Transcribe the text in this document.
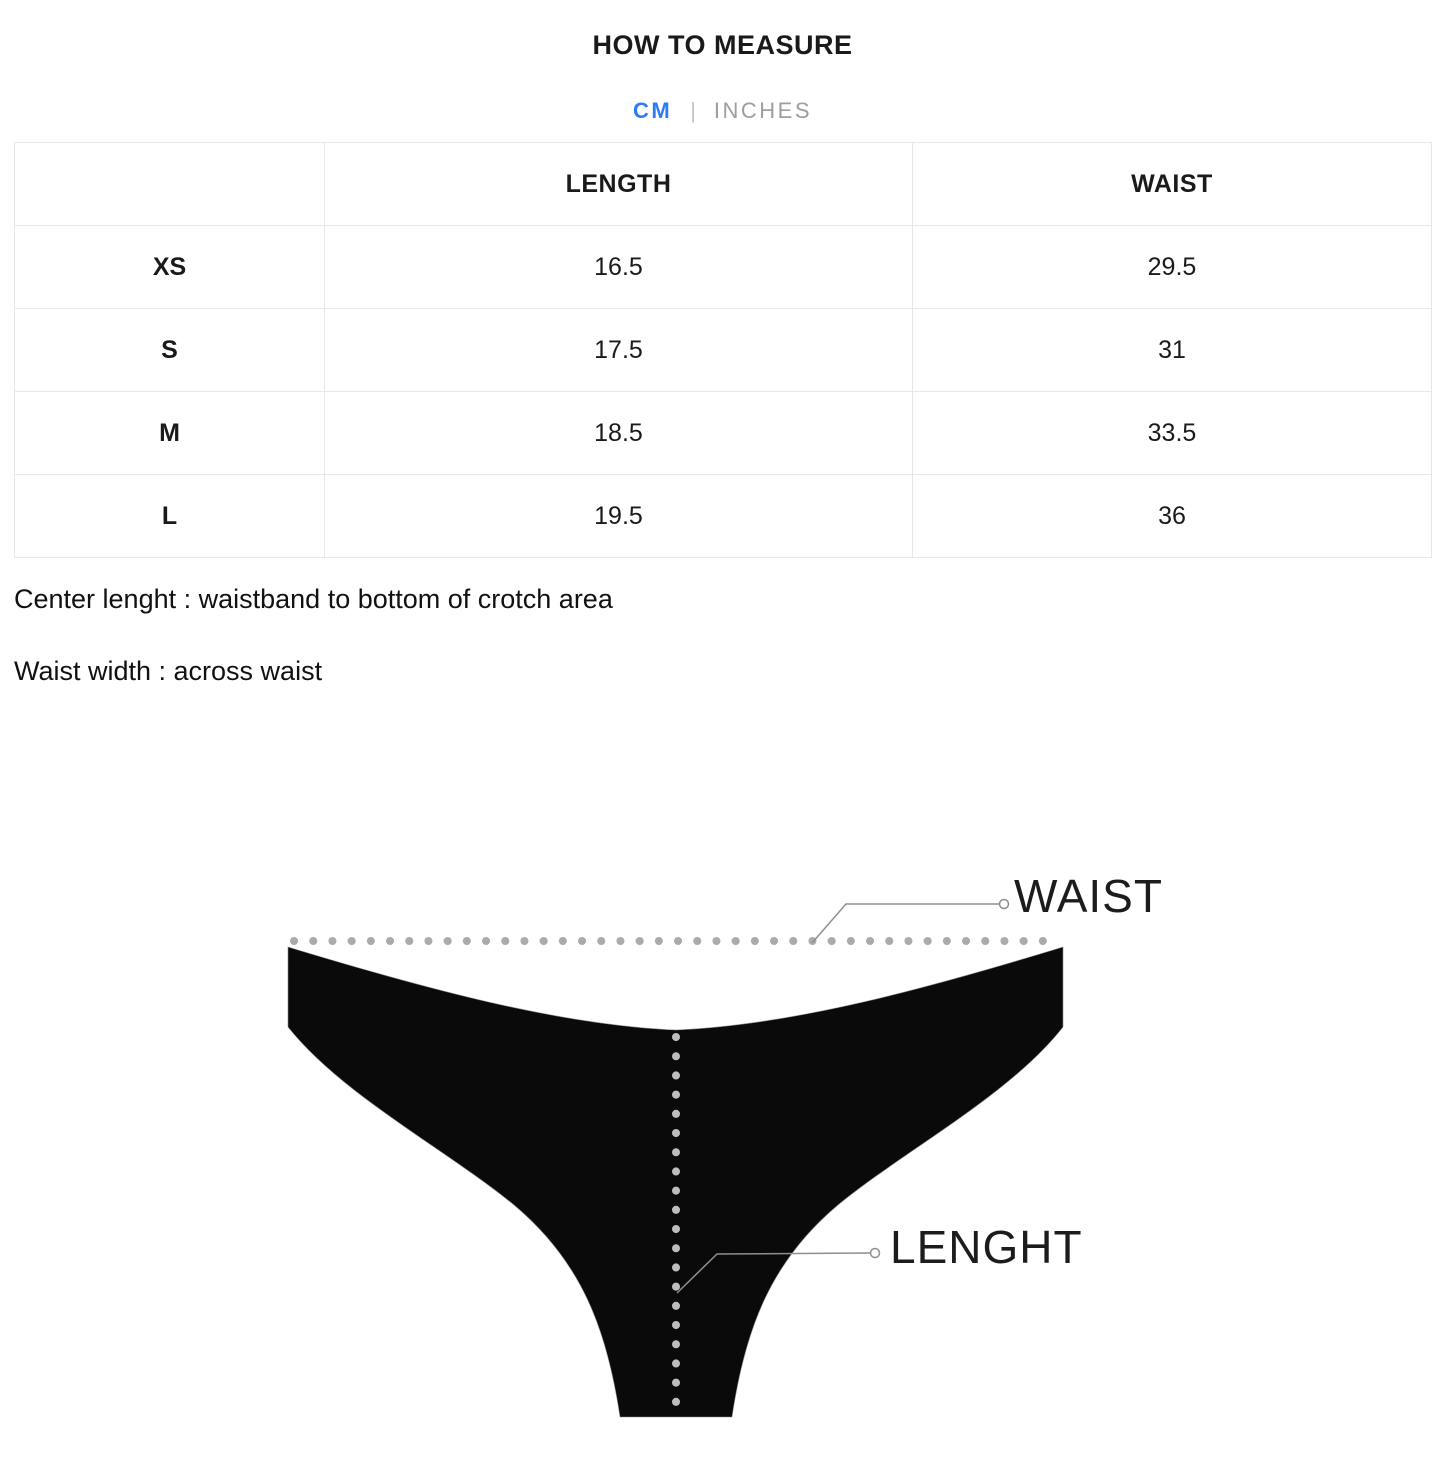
HOW TO MEASURE
CM | INCHES
	LENGTH	WAIST
XS	16.5	29.5
S	17.5	31
M	18.5	33.5
L	19.5	36
Center lenght : waistband to bottom of crotch area
Waist width : across waist
WAIST
LENGHT
